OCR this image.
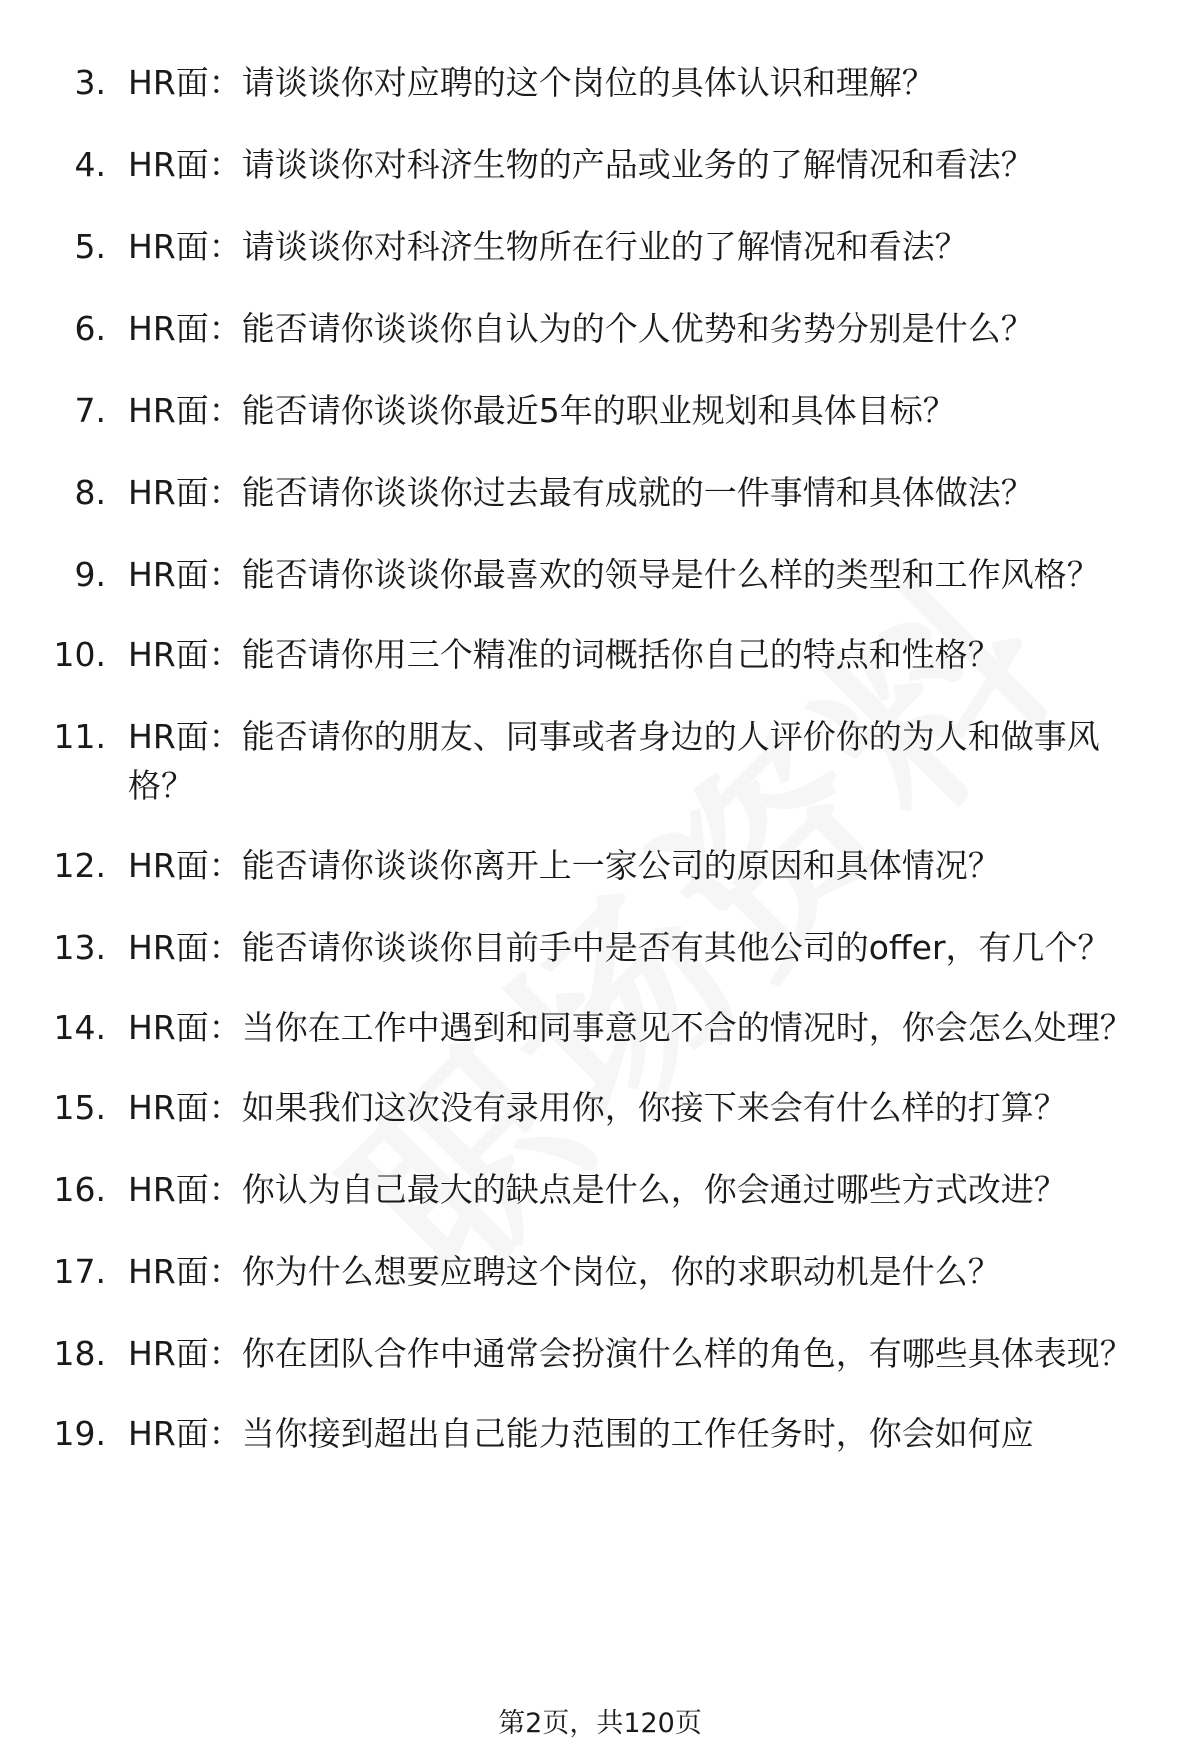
3. HR面：请谈谈你对应聘的这个岗位的具体认识和理解？
4. HR面：请谈谈你对科济生物的产品或业务的了解情况和看法？
5. HR面：请谈谈你对科济生物所在行业的了解情况和看法？
6. HR面：能否请你谈谈你自认为的个人优势和劣势分别是什么？
7. HR面：能否请你谈谈你最近5年的职业规划和具体目标？
8. HR面：能否请你谈谈你过去最有成就的一件事情和具体做法？
9. HR面：能否请你谈谈你最喜欢的领导是什么样的类型和工作风格？
10. HR面：能否请你用三个精准的词概括你自己的特点和性格？
11. HR面：能否请你的朋友、同事或者身边的人评价你的为人和做事风格？
12. HR面：能否请你谈谈你离开上一家公司的原因和具体情况？
13. HR面：能否请你谈谈你目前手中是否有其他公司的offer，有几个？
14. HR面：当你在工作中遇到和同事意见不合的情况时，你会怎么处理？
15. HR面：如果我们这次没有录用你，你接下来会有什么样的打算？
16. HR面：你认为自己最大的缺点是什么，你会通过哪些方式改进？
17. HR面：你为什么想要应聘这个岗位，你的求职动机是什么？
18. HR面：你在团队合作中通常会扮演什么样的角色，有哪些具体表现？
19. HR面：当你接到超出自己能力范围的工作任务时，你会如何应
第2页，共120页
